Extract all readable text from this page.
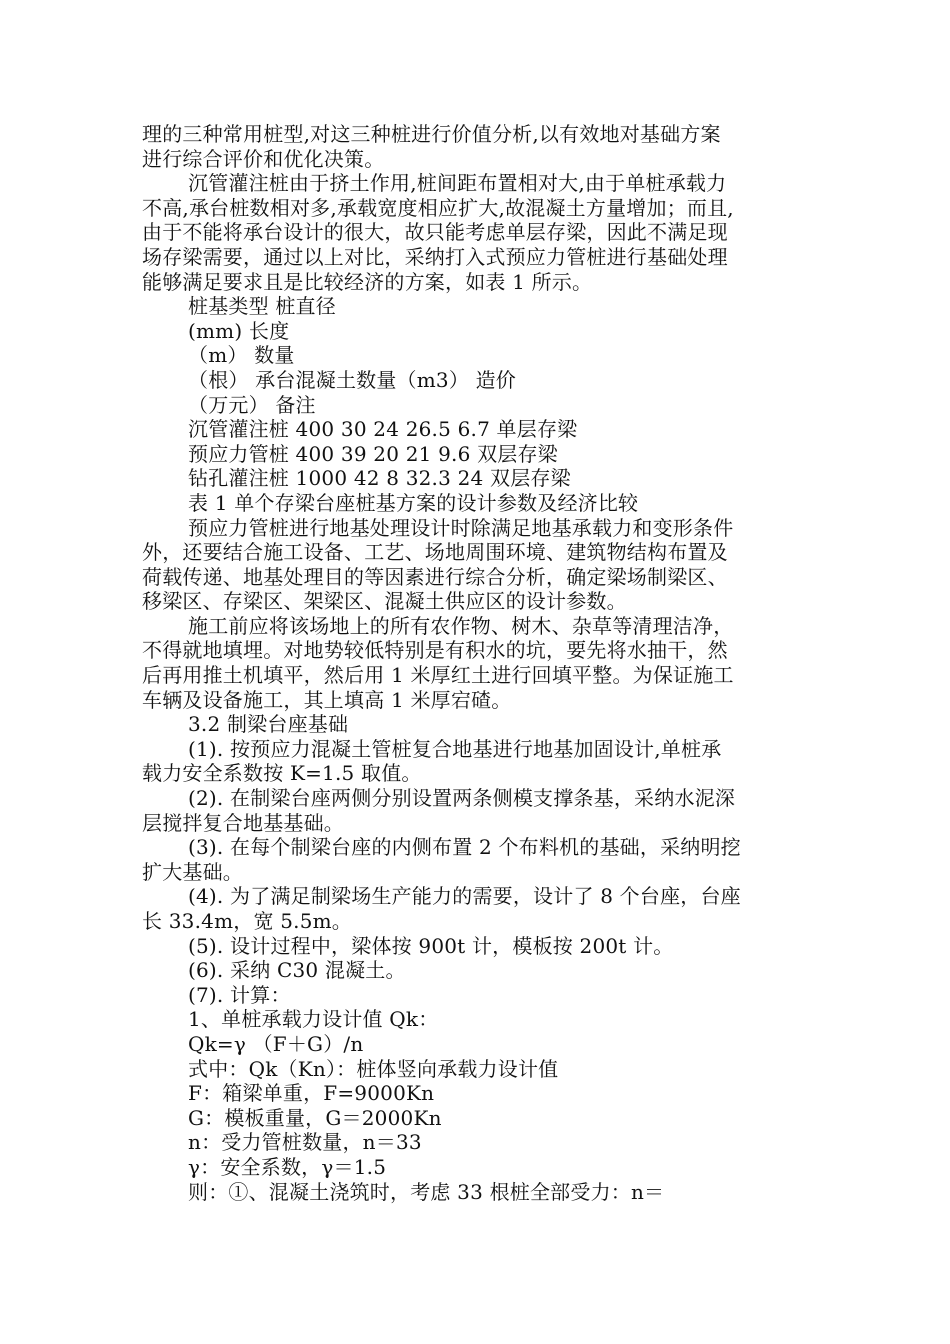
理的三种常用桩型,对这三种桩进行价值分析,以有效地对基础方案
进行综合评价和优化决策。
沉管灌注桩由于挤土作用,桩间距布置相对大,由于单桩承载力
不高,承台桩数相对多,承载宽度相应扩大,故混凝土方量增加；而且,
由于不能将承台设计的很大，故只能考虑单层存梁，因此不满足现
场存梁需要，通过以上对比，采纳打入式预应力管桩进行基础处理
能够满足要求且是比较经济的方案，如表 1 所示。
桩基类型 桩直径
(mm) 长度
（m） 数量
（根） 承台混凝土数量（m3） 造价
（万元） 备注
沉管灌注桩 400 30 24 26.5 6.7 单层存梁
预应力管桩 400 39 20 21 9.6 双层存梁
钻孔灌注桩 1000 42 8 32.3 24 双层存梁
表 1 单个存梁台座桩基方案的设计参数及经济比较
预应力管桩进行地基处理设计时除满足地基承载力和变形条件
外，还要结合施工设备、工艺、场地周围环境、建筑物结构布置及
荷载传递、地基处理目的等因素进行综合分析，确定梁场制梁区、
移梁区、存梁区、架梁区、混凝土供应区的设计参数。
施工前应将该场地上的所有农作物、树木、杂草等清理洁净，
不得就地填埋。对地势较低特别是有积水的坑，要先将水抽干，然
后再用推土机填平，然后用 1 米厚红土进行回填平整。为保证施工
车辆及设备施工，其上填高 1 米厚宕碴。
3.2 制梁台座基础
(1). 按预应力混凝土管桩复合地基进行地基加固设计,单桩承
载力安全系数按 K=1.5 取值。
(2). 在制梁台座两侧分别设置两条侧模支撑条基，采纳水泥深
层搅拌复合地基基础。
(3). 在每个制梁台座的内侧布置 2 个布料机的基础，采纳明挖
扩大基础。
(4). 为了满足制梁场生产能力的需要，设计了 8 个台座，台座
长 33.4m，宽 5.5m。
(5). 设计过程中，梁体按 900t 计，模板按 200t 计。
(6). 采纳 C30 混凝土。
(7). 计算：
1、单桩承载力设计值 Qk：
Qk=γ （F＋G）/n
式中：Qk（Kn）：桩体竖向承载力设计值
F：箱梁单重，F=9000Kn
G：模板重量，G＝2000Kn
n：受力管桩数量，n＝33
γ：安全系数，γ＝1.5
则：①、混凝土浇筑时，考虑 33 根桩全部受力：n＝
